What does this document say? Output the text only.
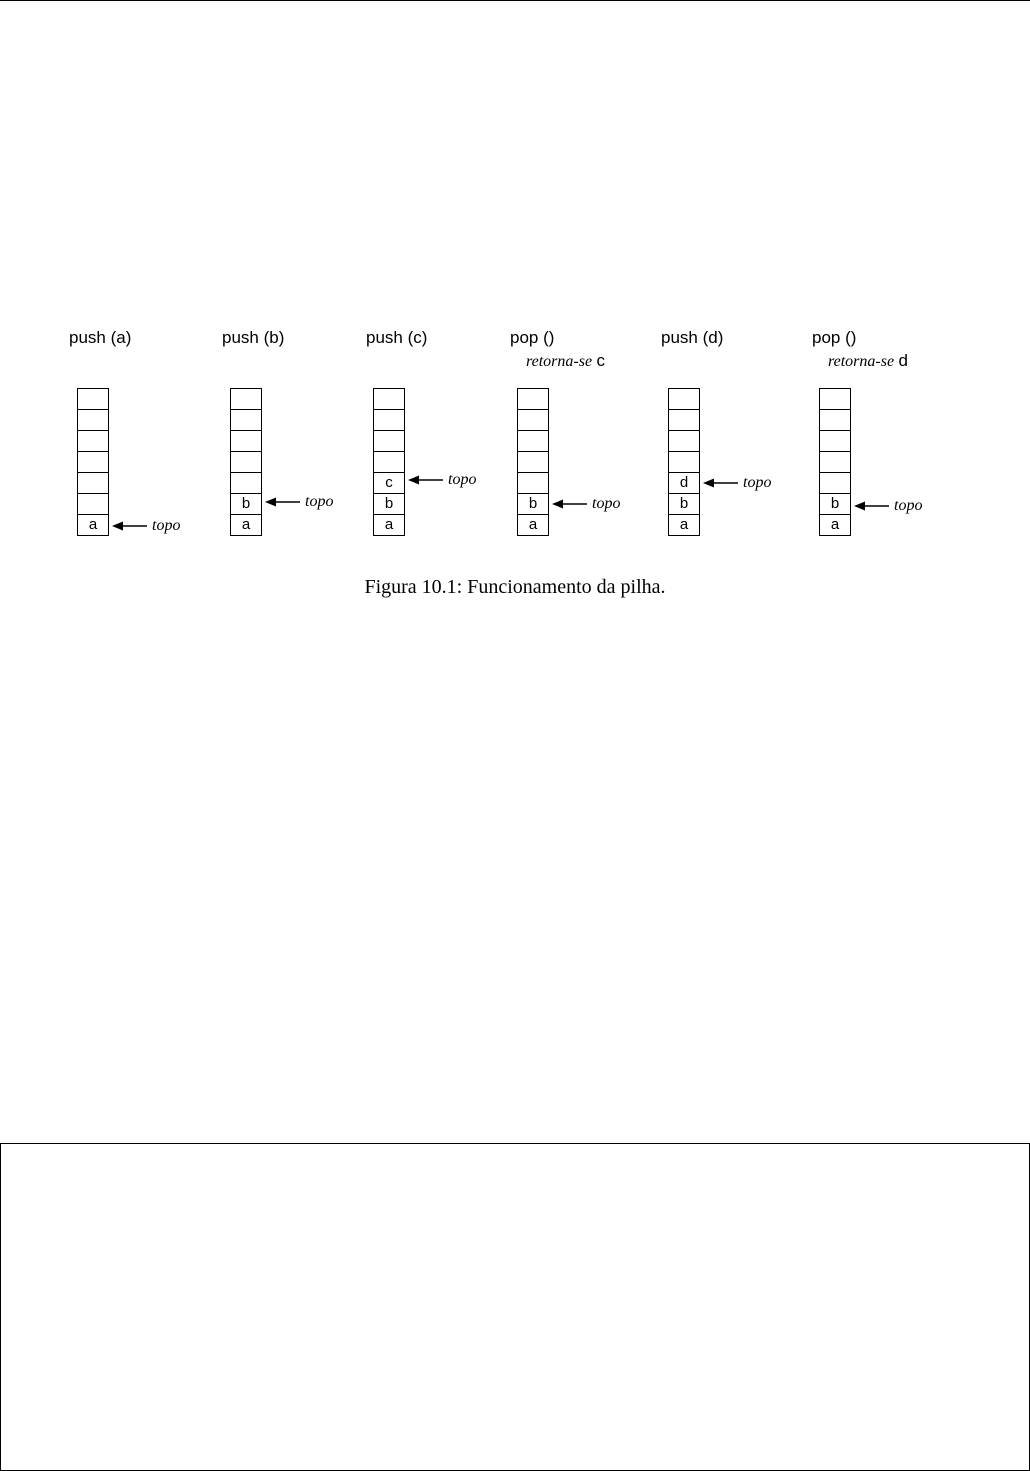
push (a)
a	topo
push (b)
b
a
topo
push (c)
c
b
a
topo
pop ()
retorna-se c
b
a
topo
push (d)
d
b
a
topo
pop ()
retorna-se d
b
a
topo
Figura 10.1: Funcionamento da pilha.
